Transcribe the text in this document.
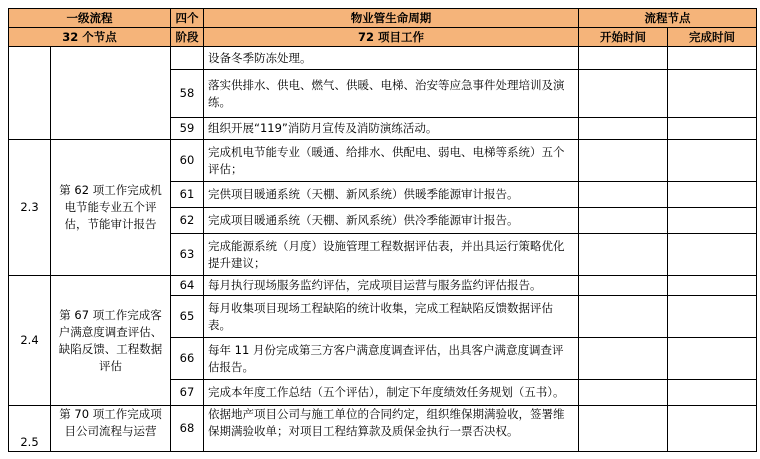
一级流程		四个	物业管生命周期	流程节点	
32 个节点		阶段	72 项目工作	开始时间	完成时间
			设备冬季防冻处理。		
		58	落实供排水、供电、燃气、供暖、电梯、治安等应急事件处理培训及演练。		
		59	组织开展“119”消防月宣传及消防演练活动。		
2.3	第 62 项工作完成机电节能专业五个评估，节能审计报告	60	完成机电节能专业（暖通、给排水、供配电、弱电、电梯等系统）五个评估；		
		61	完供项目暖通系统（天棚、新风系统）供暖季能源审计报告。		
		62	完成项目暖通系统（天棚、新风系统）供冷季能源审计报告。		
		63	完成能源系统（月度）设施管理工程数据评估表，并出具运行策略优化提升建议；		
2.4	第 67 项工作完成客户满意度调查评估、缺陷反馈、工程数据评估	64	每月执行现场服务监约评估，完成项目运营与服务监约评估报告。		
		65	每月收集项目现场工程缺陷的统计收集，完成工程缺陷反馈数据评估表。		
		66	每年 11 月份完成第三方客户满意度调查评估，出具客户满意度调查评估报告。		
		67	完成本年度工作总结（五个评估），制定下年度绩效任务规划（五书）。		
2.5	第 70 项工作完成项目公司流程与运营	68	依据地产项目公司与施工单位的合同约定，组织维保期满验收，签署维保期满验收单；对项目工程结算款及质保金执行一票否决权。		
